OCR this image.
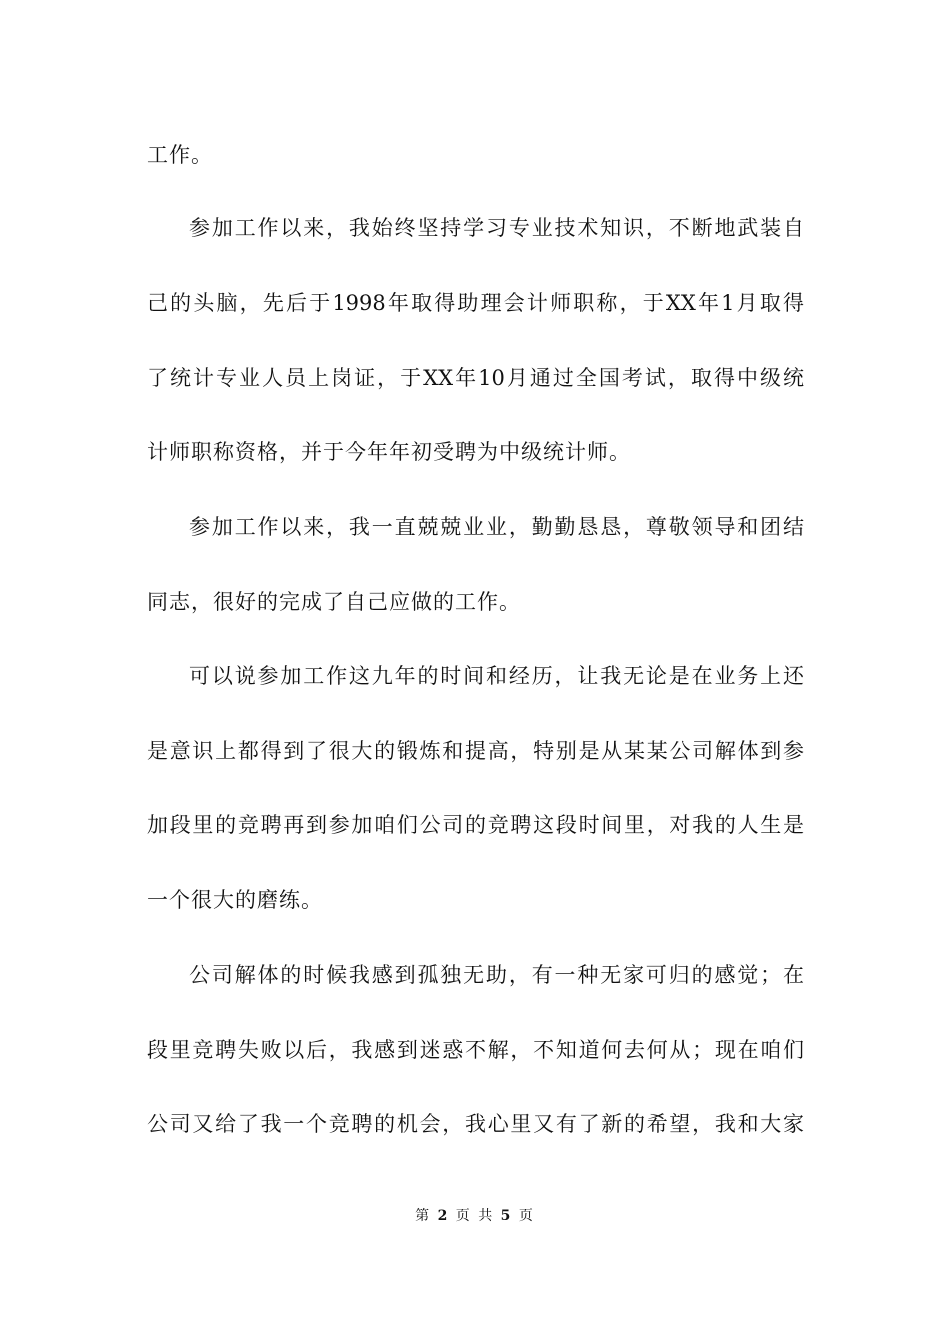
工作。
参加工作以来，我始终坚持学习专业技术知识，不断地武装自
己的头脑，先后于1998年取得助理会计师职称，于XX年1月取得
了统计专业人员上岗证，于XX年10月通过全国考试，取得中级统
计师职称资格，并于今年年初受聘为中级统计师。
参加工作以来，我一直兢兢业业，勤勤恳恳，尊敬领导和团结
同志，很好的完成了自己应做的工作。
可以说参加工作这九年的时间和经历，让我无论是在业务上还
是意识上都得到了很大的锻炼和提高，特别是从某某公司解体到参
加段里的竞聘再到参加咱们公司的竞聘这段时间里，对我的人生是
一个很大的磨练。
公司解体的时候我感到孤独无助，有一种无家可归的感觉；在
段里竞聘失败以后，我感到迷惑不解，不知道何去何从；现在咱们
公司又给了我一个竞聘的机会，我心里又有了新的希望，我和大家
第 2 页 共 5 页
